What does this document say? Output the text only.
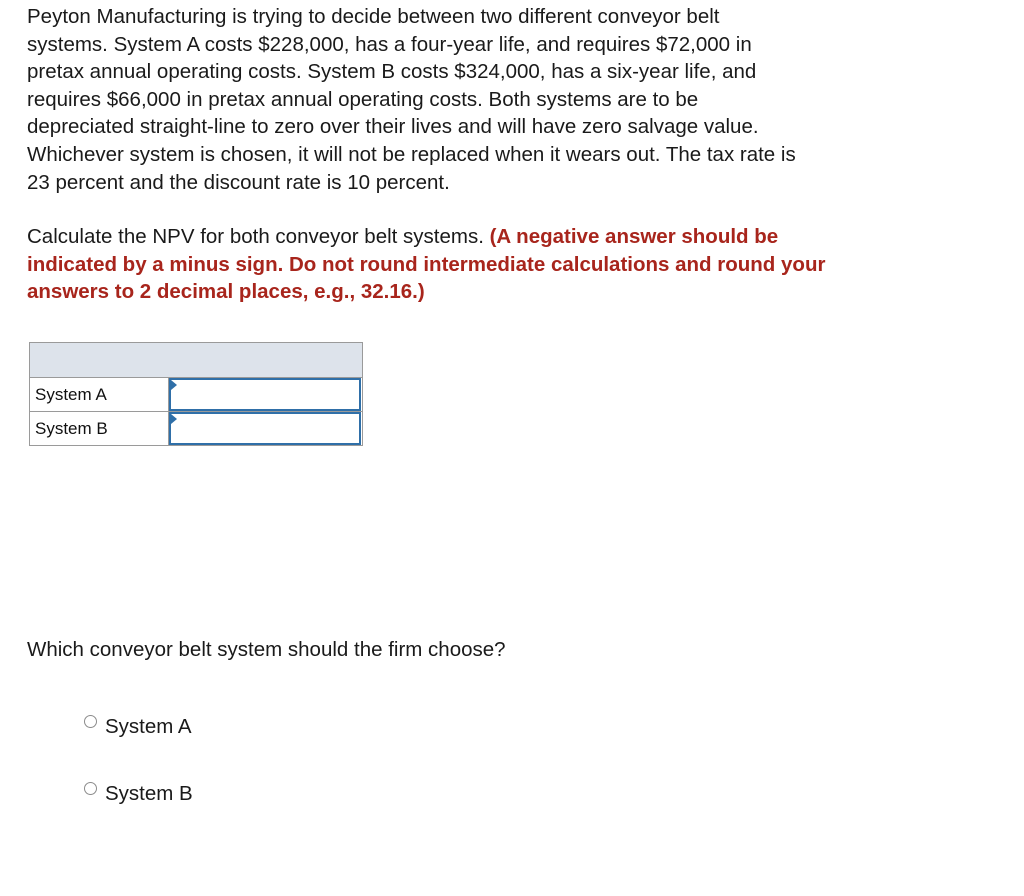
Peyton Manufacturing is trying to decide between two different conveyor belt

systems. System A costs $228,000, has a four-year life, and requires $72,000 in

pretax annual operating costs. System B costs $324,000, has a six-year life, and

requires $66,000 in pretax annual operating costs. Both systems are to be

depreciated straight-line to zero over their lives and will have zero salvage value.

Whichever system is chosen, it will not be replaced when it wears out. The tax rate is

23 percent and the discount rate is 10 percent.

Calculate the NPV for both conveyor belt systems. (A negative answer should be
indicated by a minus sign. Do not round intermediate calculations and round your
answers to 2 decimal places, e.g., 32.16.)

System A	

System B	
Which conveyor belt system should the firm choose?
System A
System B
